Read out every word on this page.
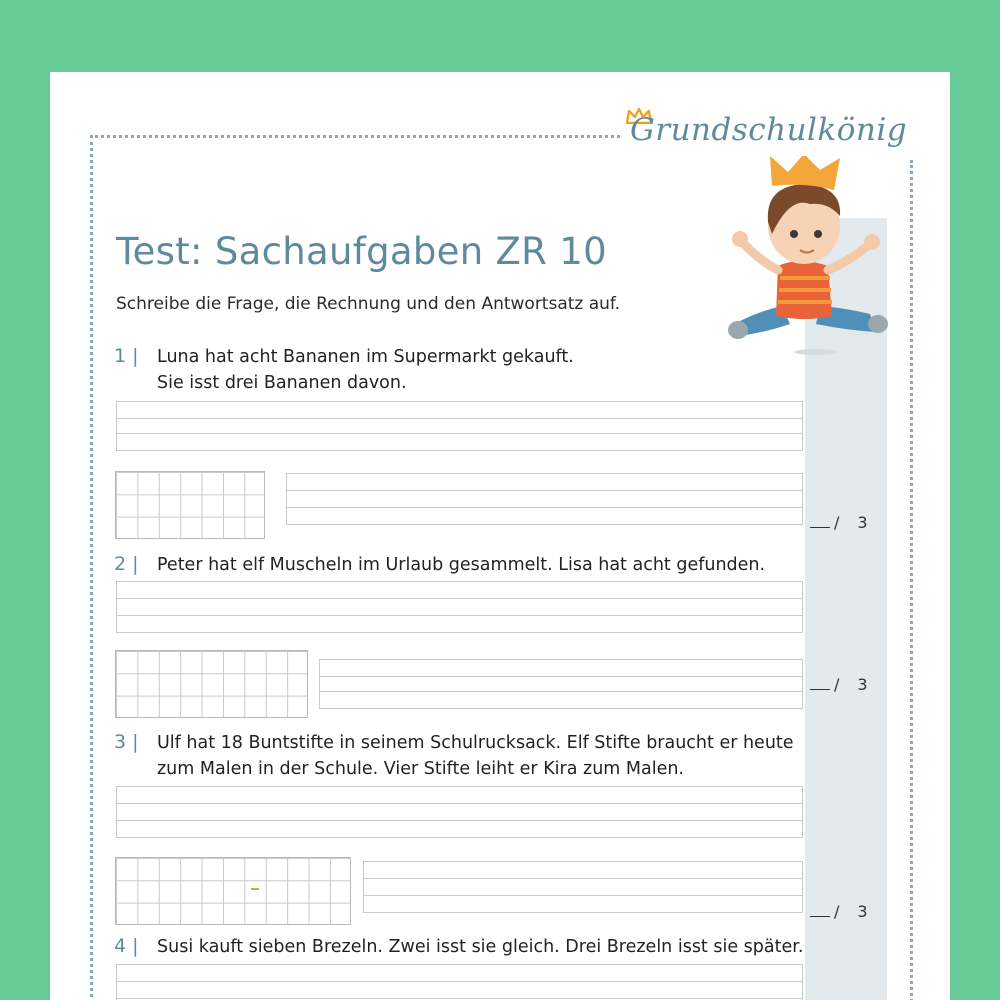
Grundschulkönig
Test: Sachaufgaben ZR 10
Schreibe die Frage, die Rechnung und den Antwortsatz auf.
1 | Luna hat acht Bananen im Supermarkt gekauft.
Sie isst drei Bananen davon.
/ 3
2 | Peter hat elf Muscheln im Urlaub gesammelt. Lisa hat acht gefunden.
/ 3
3 | Ulf hat 18 Buntstifte in seinem Schulrucksack. Elf Stifte braucht er heute
zum Malen in der Schule. Vier Stifte leiht er Kira zum Malen.
/ 3
4 | Susi kauft sieben Brezeln. Zwei isst sie gleich. Drei Brezeln isst sie später.
